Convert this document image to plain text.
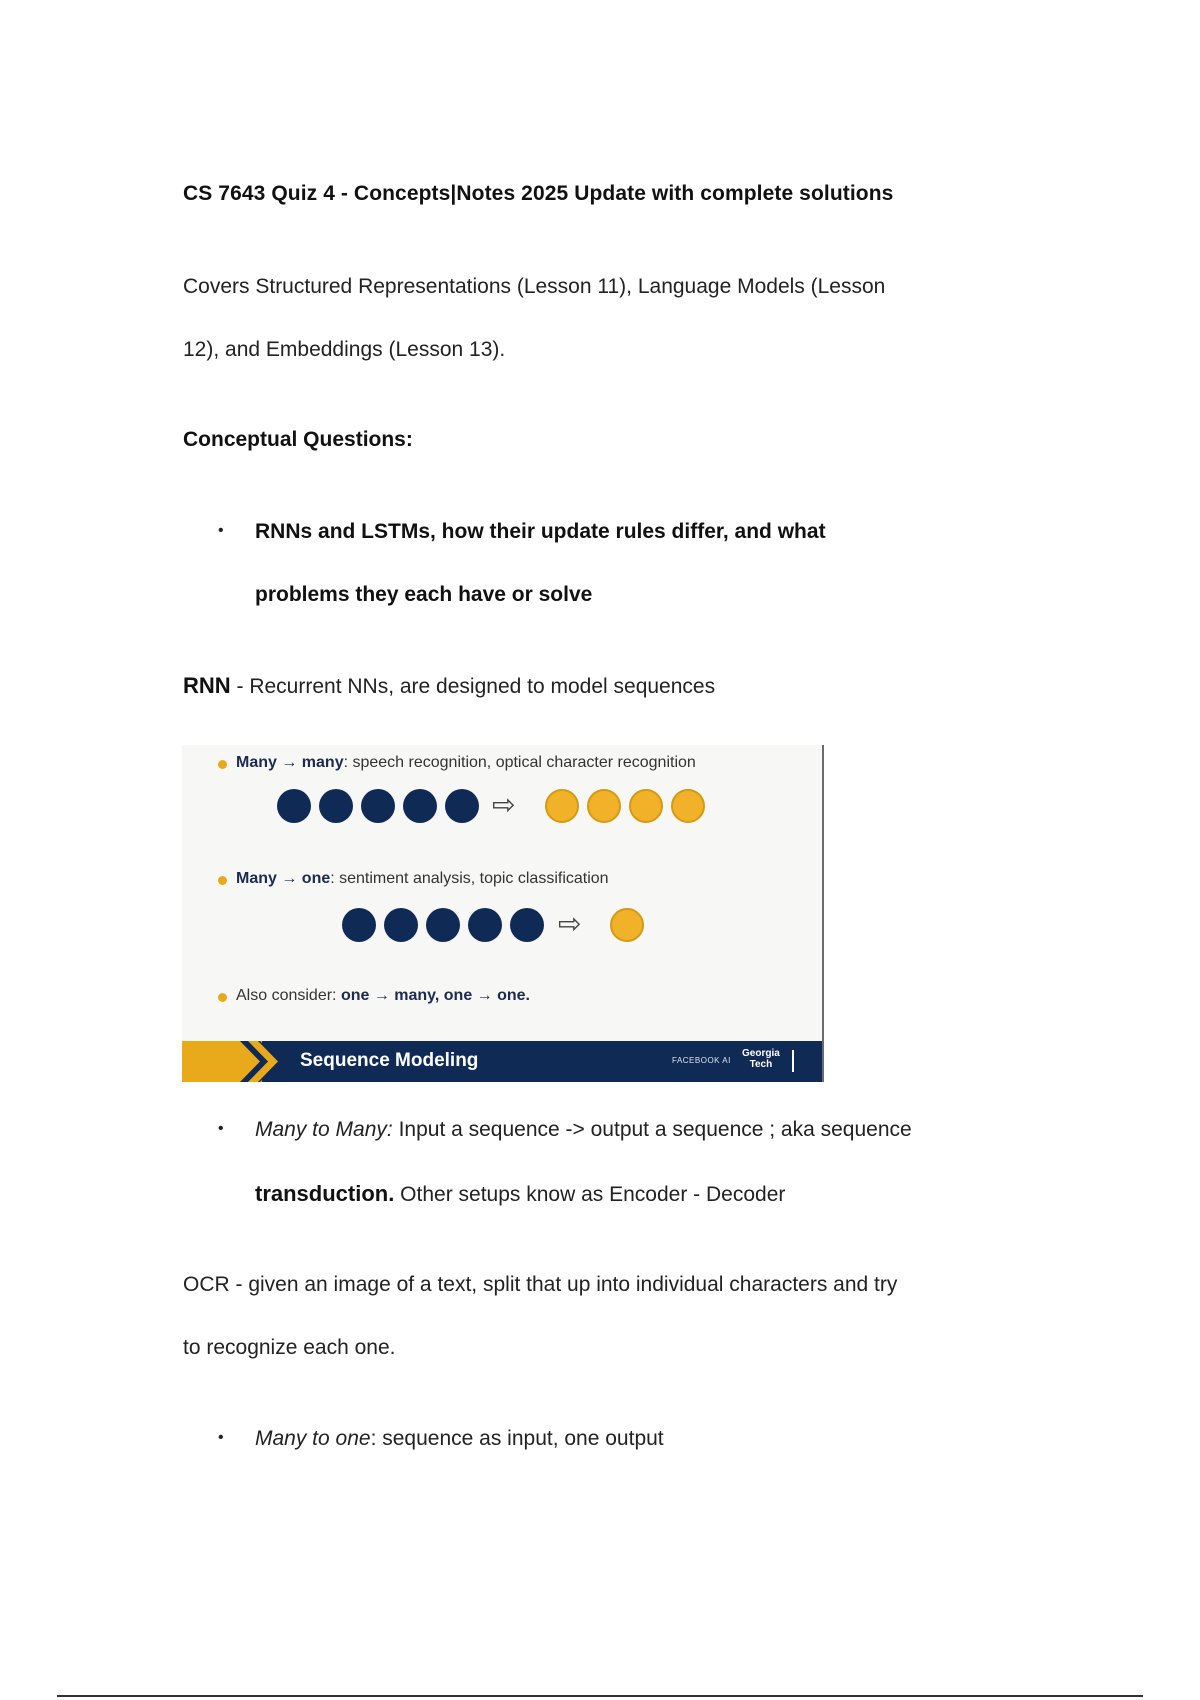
CS 7643 Quiz 4 - Concepts|Notes 2025 Update with complete solutions
Covers Structured Representations (Lesson 11), Language Models (Lesson
12), and Embeddings (Lesson 13).
Conceptual Questions:
• RNNs and LSTMs, how their update rules differ, and what
problems they each have or solve
RNN - Recurrent NNs, are designed to model sequences
Many → many: speech recognition, optical character recognition
⇨
Many → one: sentiment analysis, topic classification
⇨
Also consider: one → many, one → one.
Sequence Modeling	FACEBOOK AI
Georgia
Tech
• Many to Many: Input a sequence -> output a sequence ; aka sequence
transduction. Other setups know as Encoder - Decoder
OCR - given an image of a text, split that up into individual characters and try
to recognize each one.
• Many to one: sequence as input, one output
